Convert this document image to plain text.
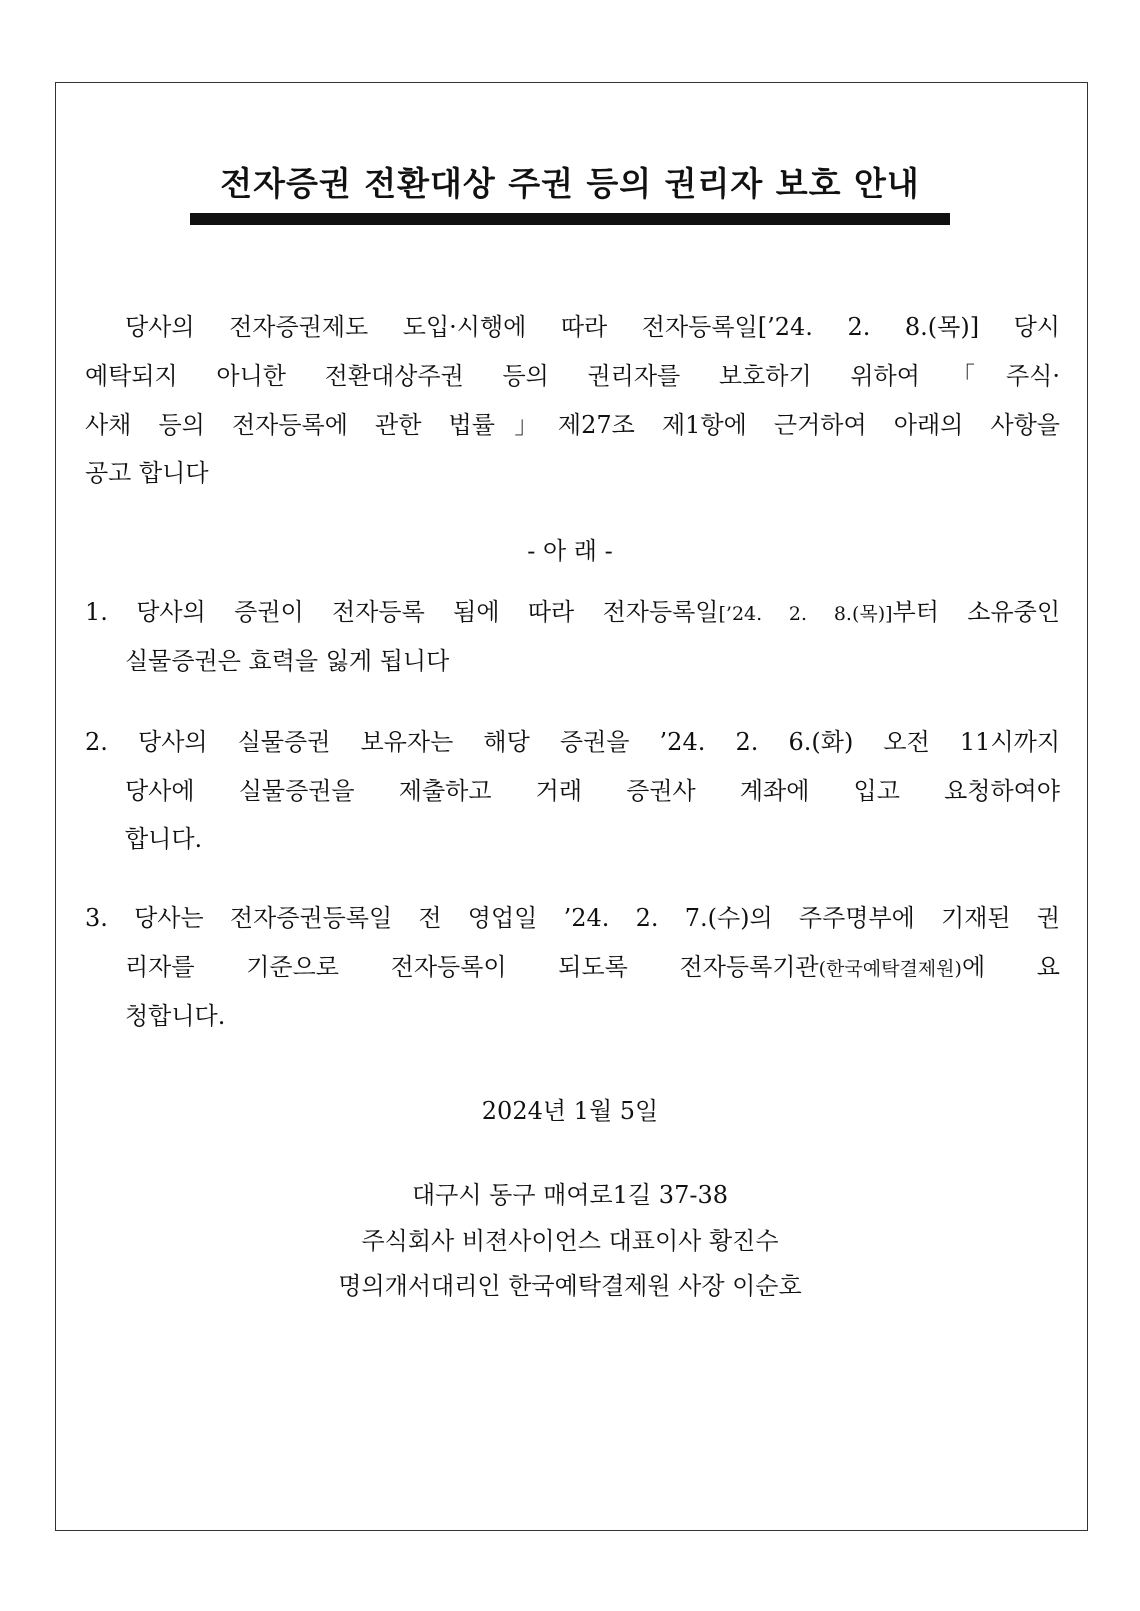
전자증권 전환대상 주권 등의 권리자 보호 안내
당사의 전자증권제도 도입·시행에 따라 전자등록일[’24. 2. 8.(목)] 당시
예탁되지 아니한 전환대상주권 등의 권리자를 보호하기 위하여「주식·
사채 등의 전자등록에 관한 법률」제27조 제1항에 근거하여 아래의 사항을
공고 합니다
- 아 래 -
1. 당사의 증권이 전자등록 됨에 따라 전자등록일[’24. 2. 8.(목)]부터 소유중인
실물증권은 효력을 잃게 됩니다
2. 당사의 실물증권 보유자는 해당 증권을 ’24. 2. 6.(화) 오전 11시까지
당사에 실물증권을 제출하고 거래 증권사 계좌에 입고 요청하여야
합니다.
3. 당사는 전자증권등록일 전 영업일 ’24. 2. 7.(수)의 주주명부에 기재된 권
리자를 기준으로 전자등록이 되도록 전자등록기관(한국예탁결제원)에 요
청합니다.
2024년 1월 5일
대구시 동구 매여로1길 37-38
주식회사 비젼사이언스 대표이사 황진수
명의개서대리인 한국예탁결제원 사장 이순호
